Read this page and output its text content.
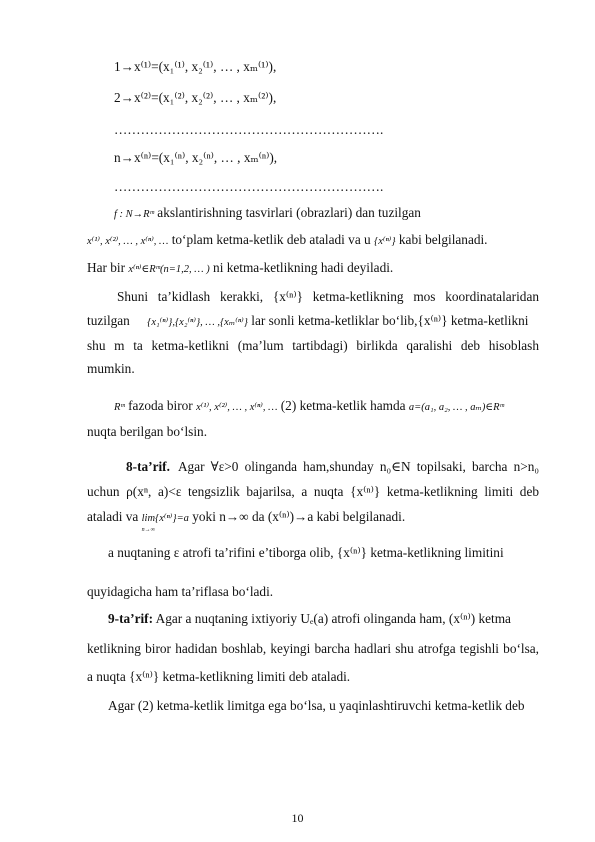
1→x⁽¹⁾=(x₁⁽¹⁾, x₂⁽¹⁾, … , xₘ⁽¹⁾),
2→x⁽²⁾=(x₁⁽²⁾, x₂⁽²⁾, … , xₘ⁽²⁾),
…………………………………………………….
n→x⁽ⁿ⁾=(x₁⁽ⁿ⁾, x₂⁽ⁿ⁾, … , xₘ⁽ⁿ⁾),
…………………………………………………….
f : N→Rᵐ akslantirishning tasvirlari (obrazlari) dan tuzilgan
x⁽¹⁾, x⁽²⁾, … , x⁽ⁿ⁾, … to‘plam ketma-ketlik deb ataladi va u {x⁽ⁿ⁾} kabi belgilanadi.
Har bir x⁽ⁿ⁾∈Rᵐ(n=1,2, … ) ni ketma-ketlikning hadi deyiladi.
Shuni ta’kidlash kerakki, {x⁽ⁿ⁾} ketma-ketlikning mos koordinatalaridan
tuzilgan {x₁⁽ⁿ⁾},{x₂⁽ⁿ⁾}, … ,{xₘ⁽ⁿ⁾} lar sonli ketma-ketliklar bo‘lib,{x⁽ⁿ⁾} ketma-ketlikni
shu m ta ketma-ketlikni (ma’lum tartibdagi) birlikda qaralishi deb hisoblash
mumkin.
Rᵐ fazoda biror x⁽¹⁾, x⁽²⁾, … , x⁽ⁿ⁾, … (2) ketma-ketlik hamda a=(a₁, a₂, … , aₘ)∈Rᵐ
nuqta berilgan bo‘lsin.
8-ta’rif. Agar ∀ε>0 olinganda ham,shunday n₀∈N topilsaki, barcha n>n₀
uchun ρ(xⁿ, a)<ε tengsizlik bajarilsa, a nuqta {x⁽ⁿ⁾} ketma-ketlikning limiti deb
ataladi va lim{x⁽ⁿ⁾}=a
n→∞
yoki n→∞ da (x⁽ⁿ⁾)→a kabi belgilanadi.
a nuqtaning ε atrofi ta’rifini e’tiborga olib, {x⁽ⁿ⁾} ketma-ketlikning limitini
quyidagicha ham ta’riflasa bo‘ladi.
9-ta’rif: Agar a nuqtaning ixtiyoriy Uₑ(a) atrofi olinganda ham, (x⁽ⁿ⁾) ketma
ketlikning biror hadidan boshlab, keyingi barcha hadlari shu atrofga tegishli bo‘lsa,
a nuqta {x⁽ⁿ⁾} ketma-ketlikning limiti deb ataladi.
Agar (2) ketma-ketlik limitga ega bo‘lsa, u yaqinlashtiruvchi ketma-ketlik deb
10
